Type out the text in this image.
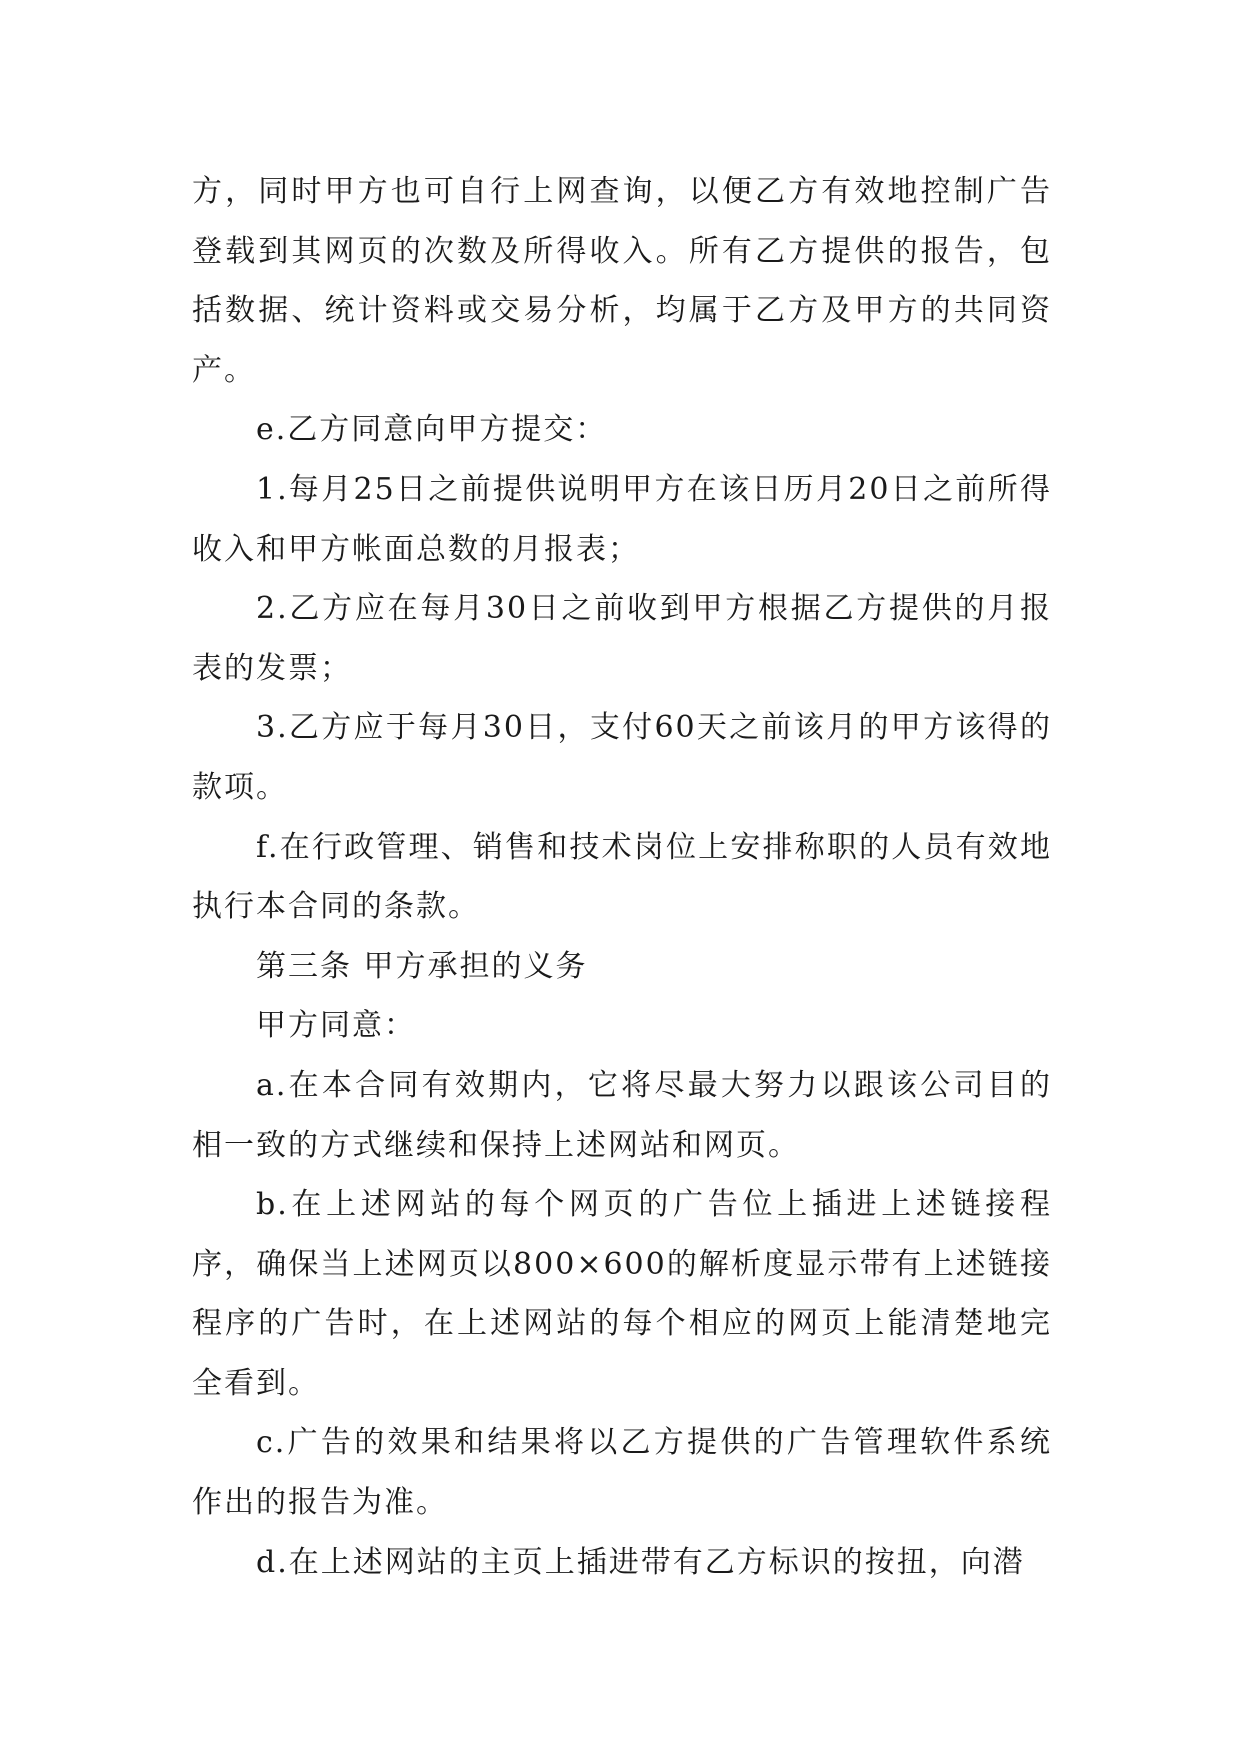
方，同时甲方也可自行上网查询，以便乙方有效地控制广告登载到其网页的次数及所得收入。所有乙方提供的报告，包括数据、统计资料或交易分析，均属于乙方及甲方的共同资产。

e.乙方同意向甲方提交：

1.每月25日之前提供说明甲方在该日历月20日之前所得收入和甲方帐面总数的月报表；

2.乙方应在每月30日之前收到甲方根据乙方提供的月报表的发票；

3.乙方应于每月30日，支付60天之前该月的甲方该得的款项。

f.在行政管理、销售和技术岗位上安排称职的人员有效地执行本合同的条款。

第三条 甲方承担的义务

甲方同意：

a.在本合同有效期内，它将尽最大努力以跟该公司目的相一致的方式继续和保持上述网站和网页。

b.在上述网站的每个网页的广告位上插进上述链接程序，确保当上述网页以800×600的解析度显示带有上述链接程序的广告时，在上述网站的每个相应的网页上能清楚地完全看到。

c.广告的效果和结果将以乙方提供的广告管理软件系统作出的报告为准。

d.在上述网站的主页上插进带有乙方标识的按扭，向潜
